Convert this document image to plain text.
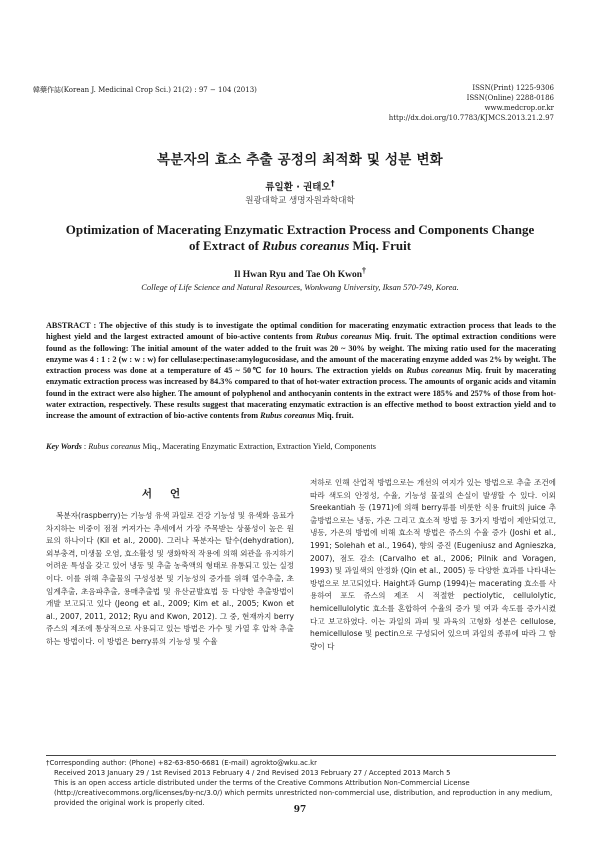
韓藥作誌(Korean J. Medicinal Crop Sci.) 21(2) : 97 − 104 (2013)	ISSN(Print) 1225-9306
ISSN(Online) 2288-0186
www.medcrop.or.kr
http://dx.doi.org/10.7783/KJMCS.2013.21.2.97
복분자의 효소 추출 공정의 최적화 및 성분 변화
류일환 · 권태오†
원광대학교 생명자원과학대학
Optimization of Macerating Enzymatic Extraction Process and Components Change
of Extract of Rubus coreanus Miq. Fruit
Il Hwan Ryu and Tae Oh Kwon†
College of Life Science and Natural Resources, Wonkwang University, Iksan 570-749, Korea.
ABSTRACT : The objective of this study is to investigate the optimal condition for macerating enzymatic extraction process that leads to the highest yield and the largest extracted amount of bio-active contents from Rubus coreanus Miq. fruit. The optimal extraction conditions were found as the following: The initial amount of the water added to the fruit was 20 ~ 30% by weight. The mixing ratio used for the macerating enzyme was 4 : 1 : 2 (w : w : w) for cellulase:pectinase:amylogucosidase, and the amount of the macerating enzyme added was 2% by weight. The extraction process was done at a temperature of 45 ~ 50℃ for 10 hours. The extraction yields on Rubus coreanus Miq. fruit by macerating enzymatic extraction process was increased by 84.3% compared to that of hot-water extraction process. The amounts of organic acids and vitamin found in the extract were also higher. The amount of polyphenol and anthocyanin contents in the extract were 185% and 257% of those from hot-water extraction, respectively. These results suggest that macerating enzymatic extraction is an effective method to boost extraction yield and to increase the amount of extraction of bio-active contents from Rubus coreanus Miq. fruit.
Key Words : Rubus coreanus Miq., Macerating Enzymatic Extraction, Extraction Yield, Components
서언
복분자(raspberry)는 기능성 유색 과일로 건강 기능성 및 유색화 음료가 차지하는 비중이 점점 커져가는 추세에서 가장 주목받는 상품성이 높은 원료의 하나이다 (Kil et al., 2000). 그러나 복분자는 탈수(dehydration), 외부충격, 미생물 오염, 효소활성 및 생화학적 작용에 의해 외관을 유지하기 어려운 특성을 갖고 있어 냉동 및 추출 농축액의 형태로 유통되고 있는 실정이다. 이를 위해 추출물의 구성성분 및 기능성의 증가를 위해 열수추출, 초임계추출, 초음파추출, 용매추출법 및 유산균발효법 등 다양한 추출방법이 개발 보고되고 있다 (Jeong et al., 2009; Kim et al., 2005; Kwon et al., 2007, 2011, 2012; Ryu and Kwon, 2012). 그 중, 현재까지 berry 쥬스의 제조에 통상적으로 사용되고 있는 방법은 가수 및 가열 후 압착 추출하는 방법이다. 이 방법은 berry류의 기능성 및 수율
저하로 인해 산업적 방법으로는 개선의 여지가 있는 방법으로 추출 조건에 따라 색도의 안정성, 수율, 기능성 물질의 손실이 발생할 수 있다. 이외 Sreekantiah 등 (1971)에 의해 berry류를 비롯한 식용 fruit의 juice 추출방법으로는 냉동, 가온 그리고 효소적 방법 등 3가지 방법이 제안되었고, 냉동, 가온의 방법에 비해 효소적 방법은 쥬스의 수율 증가 (Joshi et al., 1991; Solehah et al., 1964), 향의 증진 (Eugeniusz and Agnieszka, 2007), 점도 감소 (Carvalho et al., 2006; Pilnik and Voragen, 1993) 및 과일색의 안정화 (Qin et al., 2005) 등 다양한 효과를 나타내는 방법으로 보고되었다. Haight과 Gump (1994)는 macerating 효소를 사용하여 포도 쥬스의 제조 시 적절한 pectiolytic, cellulolytic, hemicellulolytic 효소를 혼합하여 수율의 증가 및 여과 속도를 증가시켰다고 보고하였다. 이는 과일의 과피 및 과육의 고형화 성분은 cellulose, hemicellulose 및 pectin으로 구성되어 있으며 과일의 종류에 따라 그 함량이 다
†Corresponding author: (Phone) +82-63-850-6681 (E-mail) agrokto@wku.ac.kr
Received 2013 January 29 / 1st Revised 2013 February 4 / 2nd Revised 2013 February 27 / Accepted 2013 March 5
This is an open access article distributed under the terms of the Creative Commons Attribution Non-Commercial License (http://creativecommons.org/licenses/by-nc/3.0/) which permits unrestricted non-commercial use, distribution, and reproduction in any medium, provided the original work is properly cited.
97
